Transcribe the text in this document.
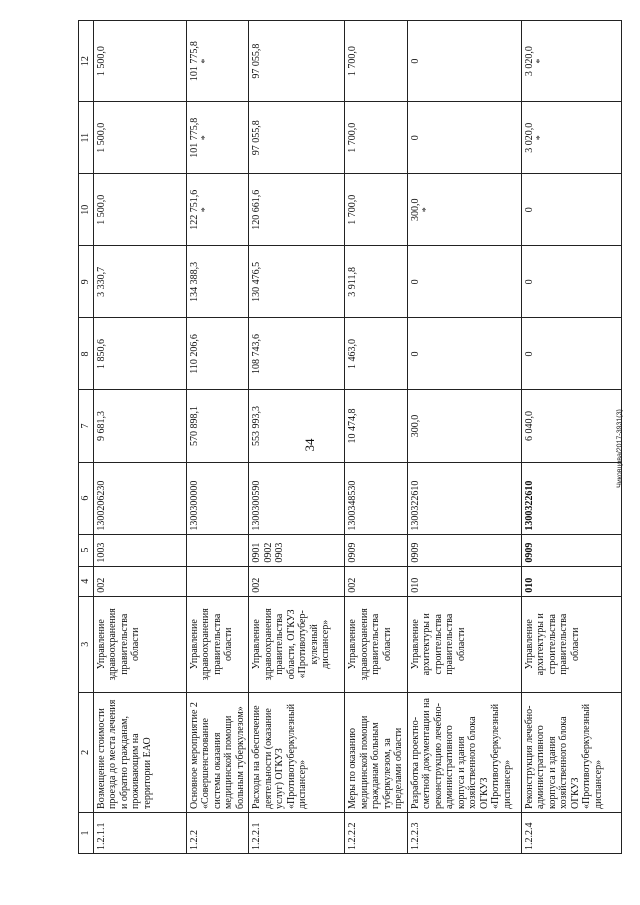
34
1	2	3	4	5	6	7	8	9	10	11	12
1.2.1.1	Возмещение стоимости проезда до места лечения и обратно гражданам, проживающим на территории ЕАО	Управление здравоохранения правительства области	002	1003	1300206230	9 681,3	1 850,6	3 330,7	1 500,0	1 500,0	1 500,0

1.2.2	Основное мероприятие 2 «Совершенствование системы оказания медицинской помощи больным туберкулезом»	Управление здравоохранения правительства области			1300300000	570 898,1	110 206,6	134 388,3	122 751,6 *	101 775,8 *	101 775,8 *

1.2.2.1	Расходы на обеспечение деятельности (оказание услуг) ОГКУЗ «Противотуберкулезный диспансер»	Управление здравоохранения правительства области, ОГКУЗ «Противотубер- кулезный диспансер»	002	0901 0902 0903	1300300590	553 993,3	108 743,6	130 476,5	120 661,6	97 055,8	97 055,8

1.2.2.2	Меры по оказанию медицинской помощи гражданам больным туберкулезом, за пределами области	Управление здравоохранения правительства области	002	0909	1300348530	10 474,8	1 463,0	3 911,8	1 700,0	1 700,0	1 700,0

1.2.2.3	Разработка проектно-сметной документации на реконструкцию лечебно-административного корпуса и здания хозяйственного блока ОГКУЗ «Противотуберкулезный диспансер»	Управление архитектуры и строительства правительства области	010	0909	1300322610	300,0	0	0	300,0 *	0	0

1.2.2.4	Реконструкция лечебно-административного корпуса и здания хозяйственного блока ОГКУЗ «Противотуберкулезный диспансер»	Управление архитектуры и строительства правительства области	010	0909	1300322610	6 040,0	0	0	0	3 020,0 *	3 020,0 *
Чиковцова/2017-3931(3)
